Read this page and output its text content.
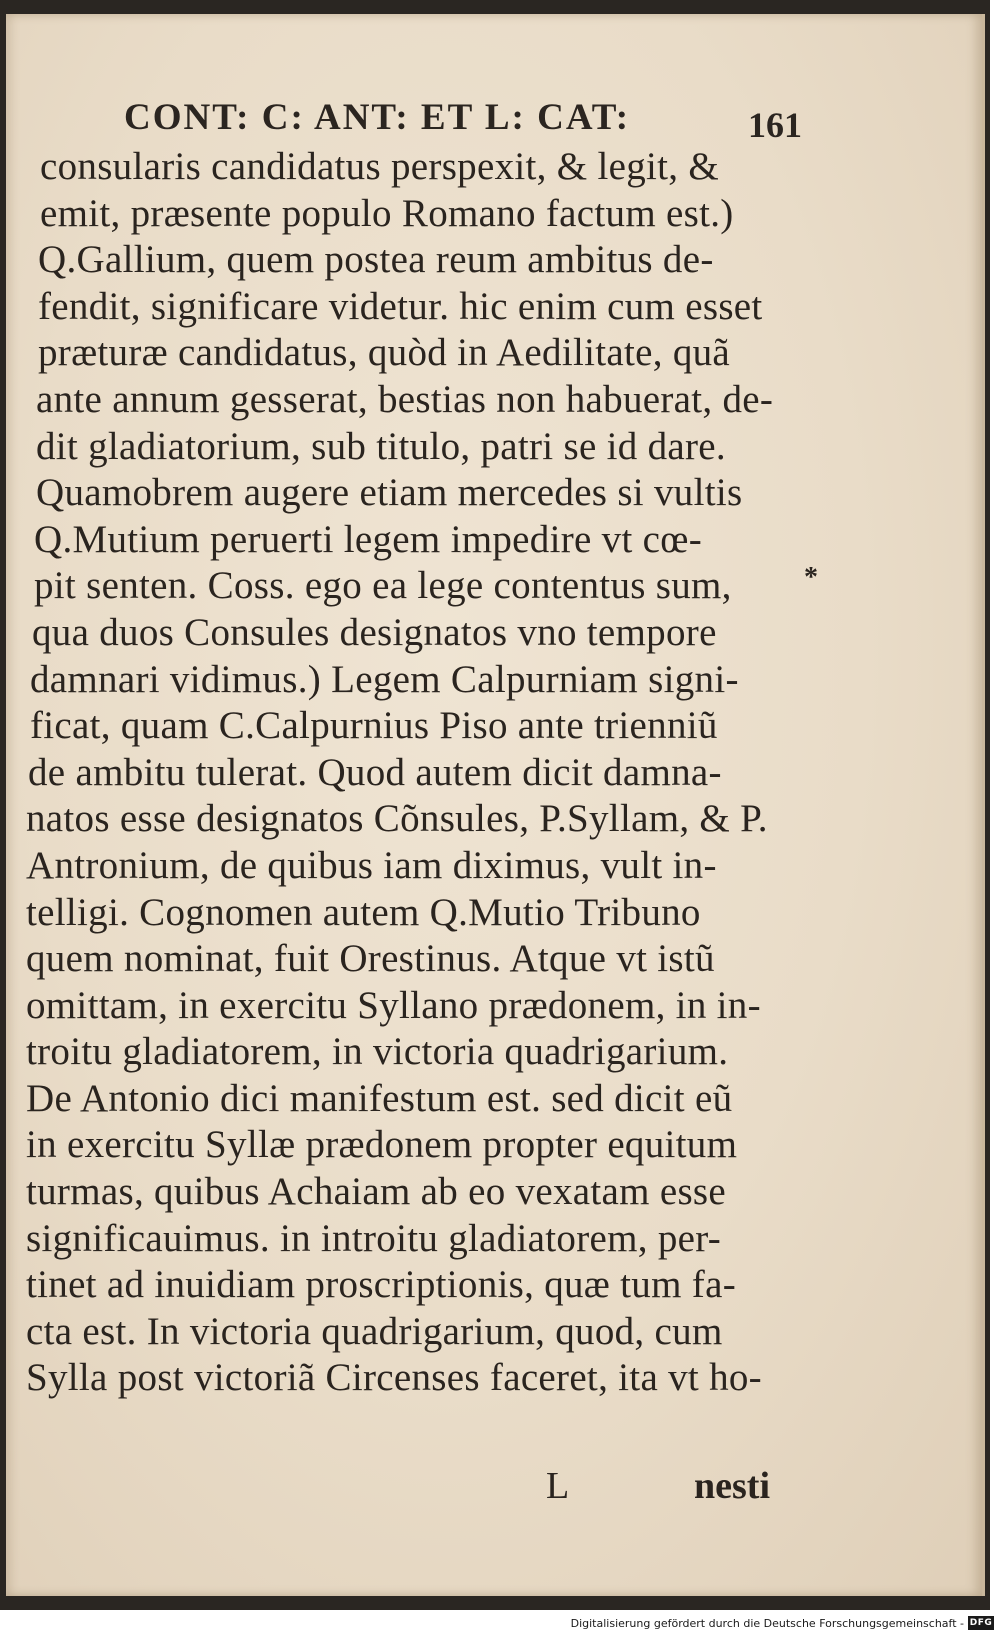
CONT: C: ANT: ET L: CAT:	161
consularis candidatus perspexit, & legit, &
emit, præsente populo Romano factum est.)
Q.Gallium, quem postea reum ambitus de-
fendit, significare videtur. hic enim cum esset
præturæ candidatus, quòd in Aedilitate, quã
ante annum gesserat, bestias non habuerat, de-
dit gladiatorium, sub titulo, patri se id dare.
Quamobrem augere etiam mercedes si vultis
Q.Mutium peruerti legem impedire vt cœ-
pit senten. Coss. ego ea lege contentus sum,
qua duos Consules designatos vno tempore
damnari vidimus.) Legem Calpurniam signi-
ficat, quam C.Calpurnius Piso ante trienniũ
de ambitu tulerat. Quod autem dicit damna-
natos esse designatos Cõnsules, P.Syllam, & P.
Antronium, de quibus iam diximus, vult in-
telligi. Cognomen autem Q.Mutio Tribuno
quem nominat, fuit Orestinus. Atque vt istũ
omittam, in exercitu Syllano prædonem, in in-
troitu gladiatorem, in victoria quadrigarium.
De Antonio dici manifestum est. sed dicit eũ
in exercitu Syllæ prædonem propter equitum
turmas, quibus Achaiam ab eo vexatam esse
significauimus. in introitu gladiatorem, per-
tinet ad inuidiam proscriptionis, quæ tum fa-
cta est. In victoria quadrigarium, quod, cum
Sylla post victoriã Circenses faceret, ita vt ho-
*
L	nesti
Digitalisierung gefördert durch die Deutsche Forschungsgemeinschaft - DFG
